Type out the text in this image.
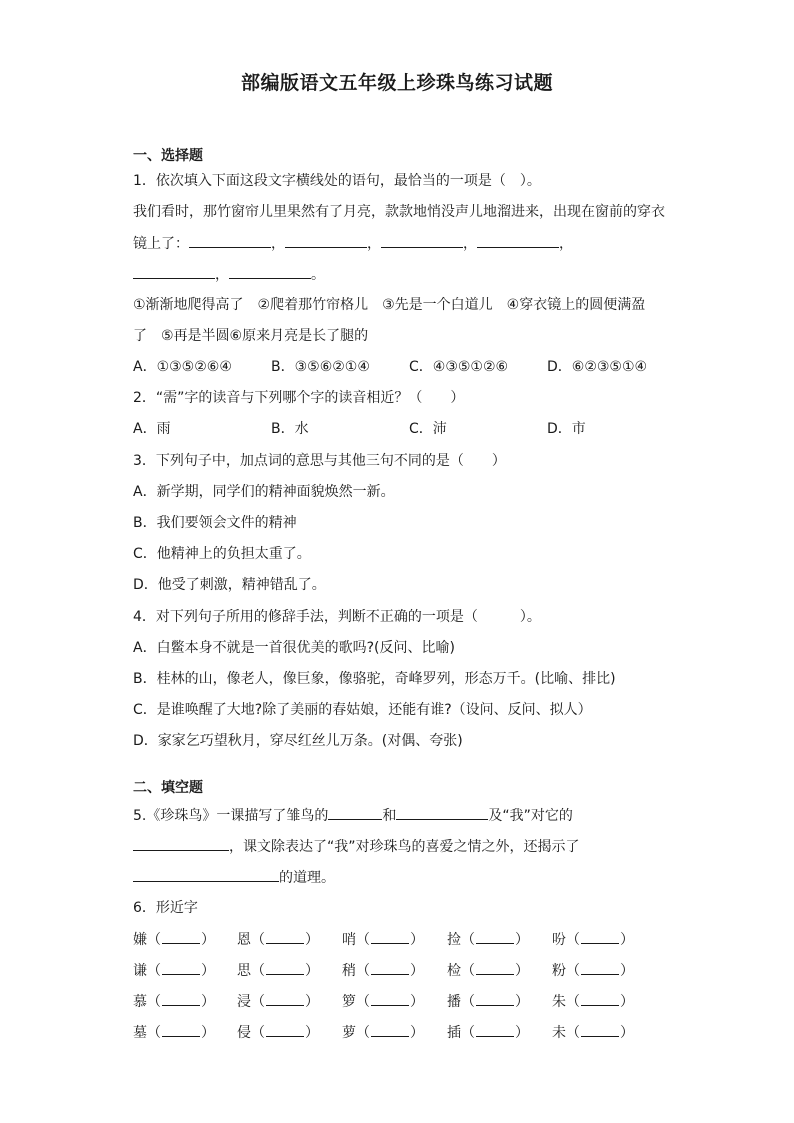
部编版语文五年级上珍珠鸟练习试题
一、选择题
1．依次填入下面这段文字横线处的语句，最恰当的一项是（　）。
我们看时，那竹窗帘儿里果然有了月亮，款款地悄没声儿地溜进来，出现在窗前的穿衣
镜上了：	，	，	，	，
，	。
①渐渐地爬得高了　②爬着那竹帘格儿　③先是一个白道儿　④穿衣镜上的圆便满盈
了　⑤再是半圆⑥原来月亮是长了腿的
A．①③⑤②⑥④	B．③⑤⑥②①④	C．④③⑤①②⑥	D．⑥②③⑤①④
2．“需”字的读音与下列哪个字的读音相近？（　　）
A．雨	B．水	C．沛	D．市
3．下列句子中，加点词的意思与其他三句不同的是（　　）
A．新学期，同学们的精神面貌焕然一新。
B．我们要领会文件的精神
C．他精神上的负担太重了。
D．他受了刺激，精神错乱了。
4．对下列句子所用的修辞手法，判断不正确的一项是（　　　）。
A．白鳖本身不就是一首很优美的歌吗?(反问、比喻)
B．桂林的山，像老人，像巨象，像骆驼，奇峰罗列，形态万千。(比喻、排比)
C．是谁唤醒了大地?除了美丽的春姑娘，还能有谁?（设问、反问、拟人）
D．家家乞巧望秋月，穿尽红丝儿万条。(对偶、夸张)
二、填空题
5.《珍珠鸟》一课描写了雏鸟的	和	及“我”对它的
，课文除表达了“我”对珍珠鸟的喜爱之情之外，还揭示了
的道理。
6．形近字
嫌（	） 恩（	） 哨（	） 捡（	） 吩（	）
谦（	） 思（	） 稍（	） 检（	） 粉（	）
慕（	） 浸（	） 箩（	） 播（	） 朱（	）
墓（	） 侵（	） 萝（	） 插（	） 未（	）
